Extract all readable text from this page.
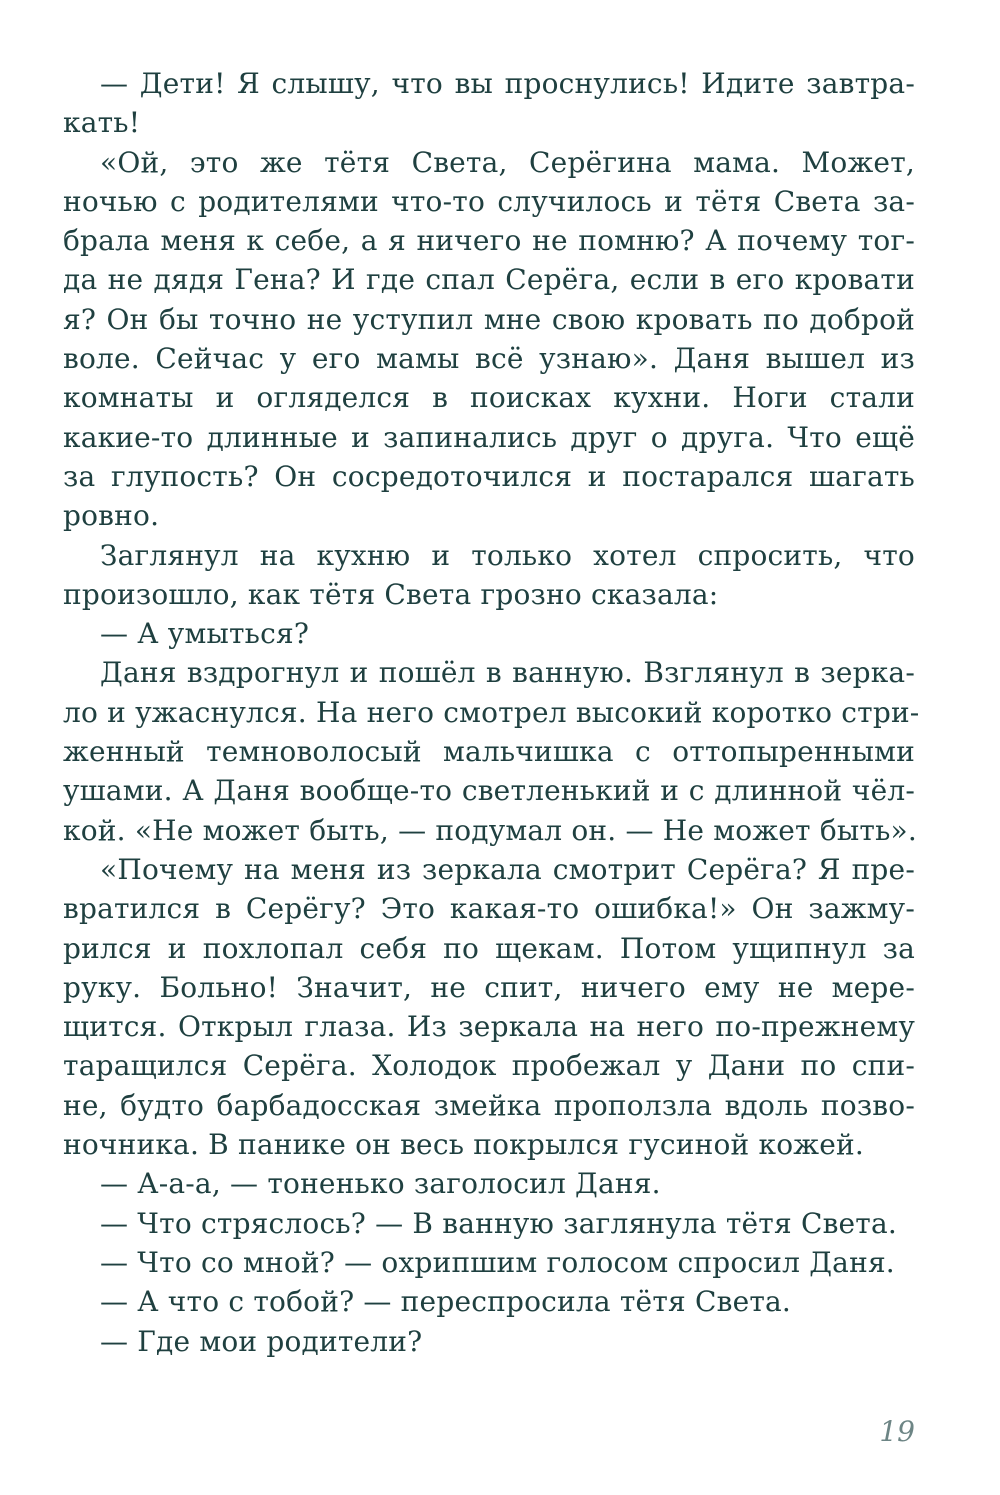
— Дети! Я слышу, что вы проснулись! Идите завтра-
кать!
«Ой, это же тётя Света, Серёгина мама. Может,
ночью с родителями что-то случилось и тётя Света за-
брала меня к себе, а я ничего не помню? А почему тог-
да не дядя Гена? И где спал Серёга, если в его кровати
я? Он бы точно не уступил мне свою кровать по доброй
воле. Сейчас у его мамы всё узнаю». Даня вышел из
комнаты и огляделся в поисках кухни. Ноги стали
какие-то длинные и запинались друг о друга. Что ещё
за глупость? Он сосредоточился и постарался шагать
ровно.
Заглянул на кухню и только хотел спросить, что
произошло, как тётя Света грозно сказала:
— А умыться?
Даня вздрогнул и пошёл в ванную. Взглянул в зерка-
ло и ужаснулся. На него смотрел высокий коротко стри-
женный темноволосый мальчишка с оттопыренными
ушами. А Даня вообще-то светленький и с длинной чёл-
кой. «Не может быть, — подумал он. — Не может быть».
«Почему на меня из зеркала смотрит Серёга? Я пре-
вратился в Серёгу? Это какая-то ошибка!» Он зажму-
рился и похлопал себя по щекам. Потом ущипнул за
руку. Больно! Значит, не спит, ничего ему не мере-
щится. Открыл глаза. Из зеркала на него по-прежнему
таращился Серёга. Холодок пробежал у Дани по спи-
не, будто барбадосская змейка проползла вдоль позво-
ночника. В панике он весь покрылся гусиной кожей.
— А-а-а, — тоненько заголосил Даня.
— Что стряслось? — В ванную заглянула тётя Света.
— Что со мной? — охрипшим голосом спросил Даня.
— А что с тобой? — переспросила тётя Света.
— Где мои родители?
19
